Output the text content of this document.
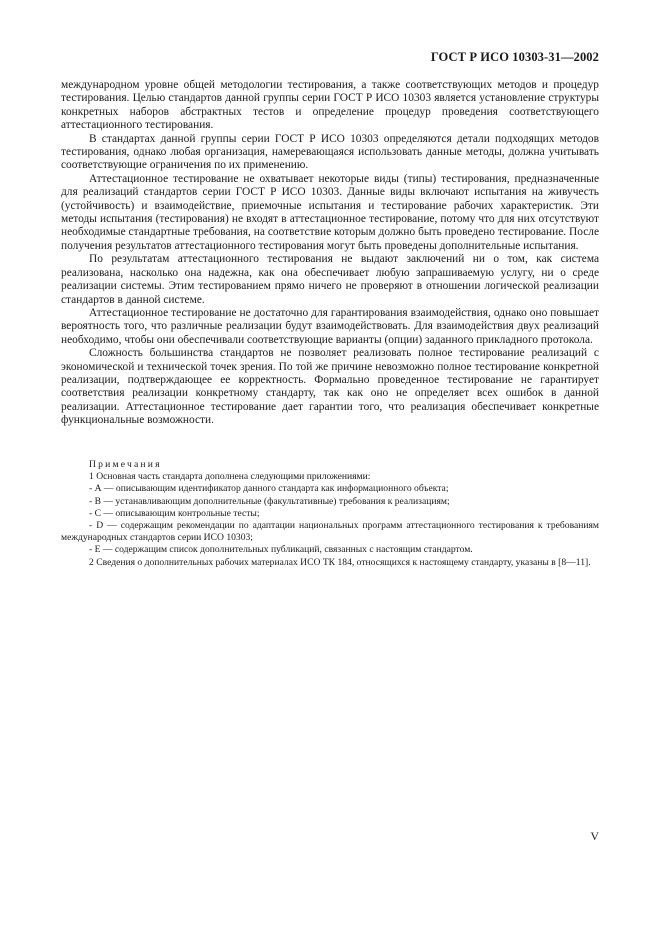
ГОСТ Р ИСО 10303-31—2002

международном уровне общей методологии тестирования, а также соответствующих методов и процедур тестирования. Целью стандартов данной группы серии ГОСТ Р ИСО 10303 является установление структуры конкретных наборов абстрактных тестов и определение процедур проведения соответствующего аттестационного тестирования.

В стандартах данной группы серии ГОСТ Р ИСО 10303 определяются детали подходящих методов тестирования, однако любая организация, намеревающаяся использовать данные методы, должна учитывать соответствующие ограничения по их применению.

Аттестационное тестирование не охватывает некоторые виды (типы) тестирования, предназначенные для реализаций стандартов серии ГОСТ Р ИСО 10303. Данные виды включают испытания на живучесть (устойчивость) и взаимодействие, приемочные испытания и тестирование рабочих характеристик. Эти методы испытания (тестирования) не входят в аттестационное тестирование, потому что для них отсутствуют необходимые стандартные требования, на соответствие которым должно быть проведено тестирование. После получения результатов аттестационного тестирования могут быть проведены дополнительные испытания.

По результатам аттестационного тестирования не выдают заключений ни о том, как система реализована, насколько она надежна, как она обеспечивает любую запрашиваемую услугу, ни о среде реализации системы. Этим тестированием прямо ничего не проверяют в отношении логической реализации стандартов в данной системе.

Аттестационное тестирование не достаточно для гарантирования взаимодействия, однако оно повышает вероятность того, что различные реализации будут взаимодействовать. Для взаимодействия двух реализаций необходимо, чтобы они обеспечивали соответствующие варианты (опции) заданного прикладного протокола.

Сложность большинства стандартов не позволяет реализовать полное тестирование реализаций с экономической и технической точек зрения. По той же причине невозможно полное тестирование конкретной реализации, подтверждающее ее корректность. Формально проведенное тестирование не гарантирует соответствия реализации конкретному стандарту, так как оно не определяет всех ошибок в данной реализации. Аттестационное тестирование дает гарантии того, что реализация обеспечивает конкретные функциональные возможности.

Примечания

1 Основная часть стандарта дополнена следующими приложениями:

- А — описывающим идентификатор данного стандарта как информационного объекта;

- В — устанавливающим дополнительные (факультативные) требования к реализациям;

- С — описывающим контрольные тесты;

- D — содержащим рекомендации по адаптации национальных программ аттестационного тестирования к требованиям международных стандартов серии ИСО 10303;

- Е — содержащим список дополнительных публикаций, связанных с настоящим стандартом.

2 Сведения о дополнительных рабочих материалах ИСО ТК 184, относящихся к настоящему стандарту, указаны в [8—11].

V
